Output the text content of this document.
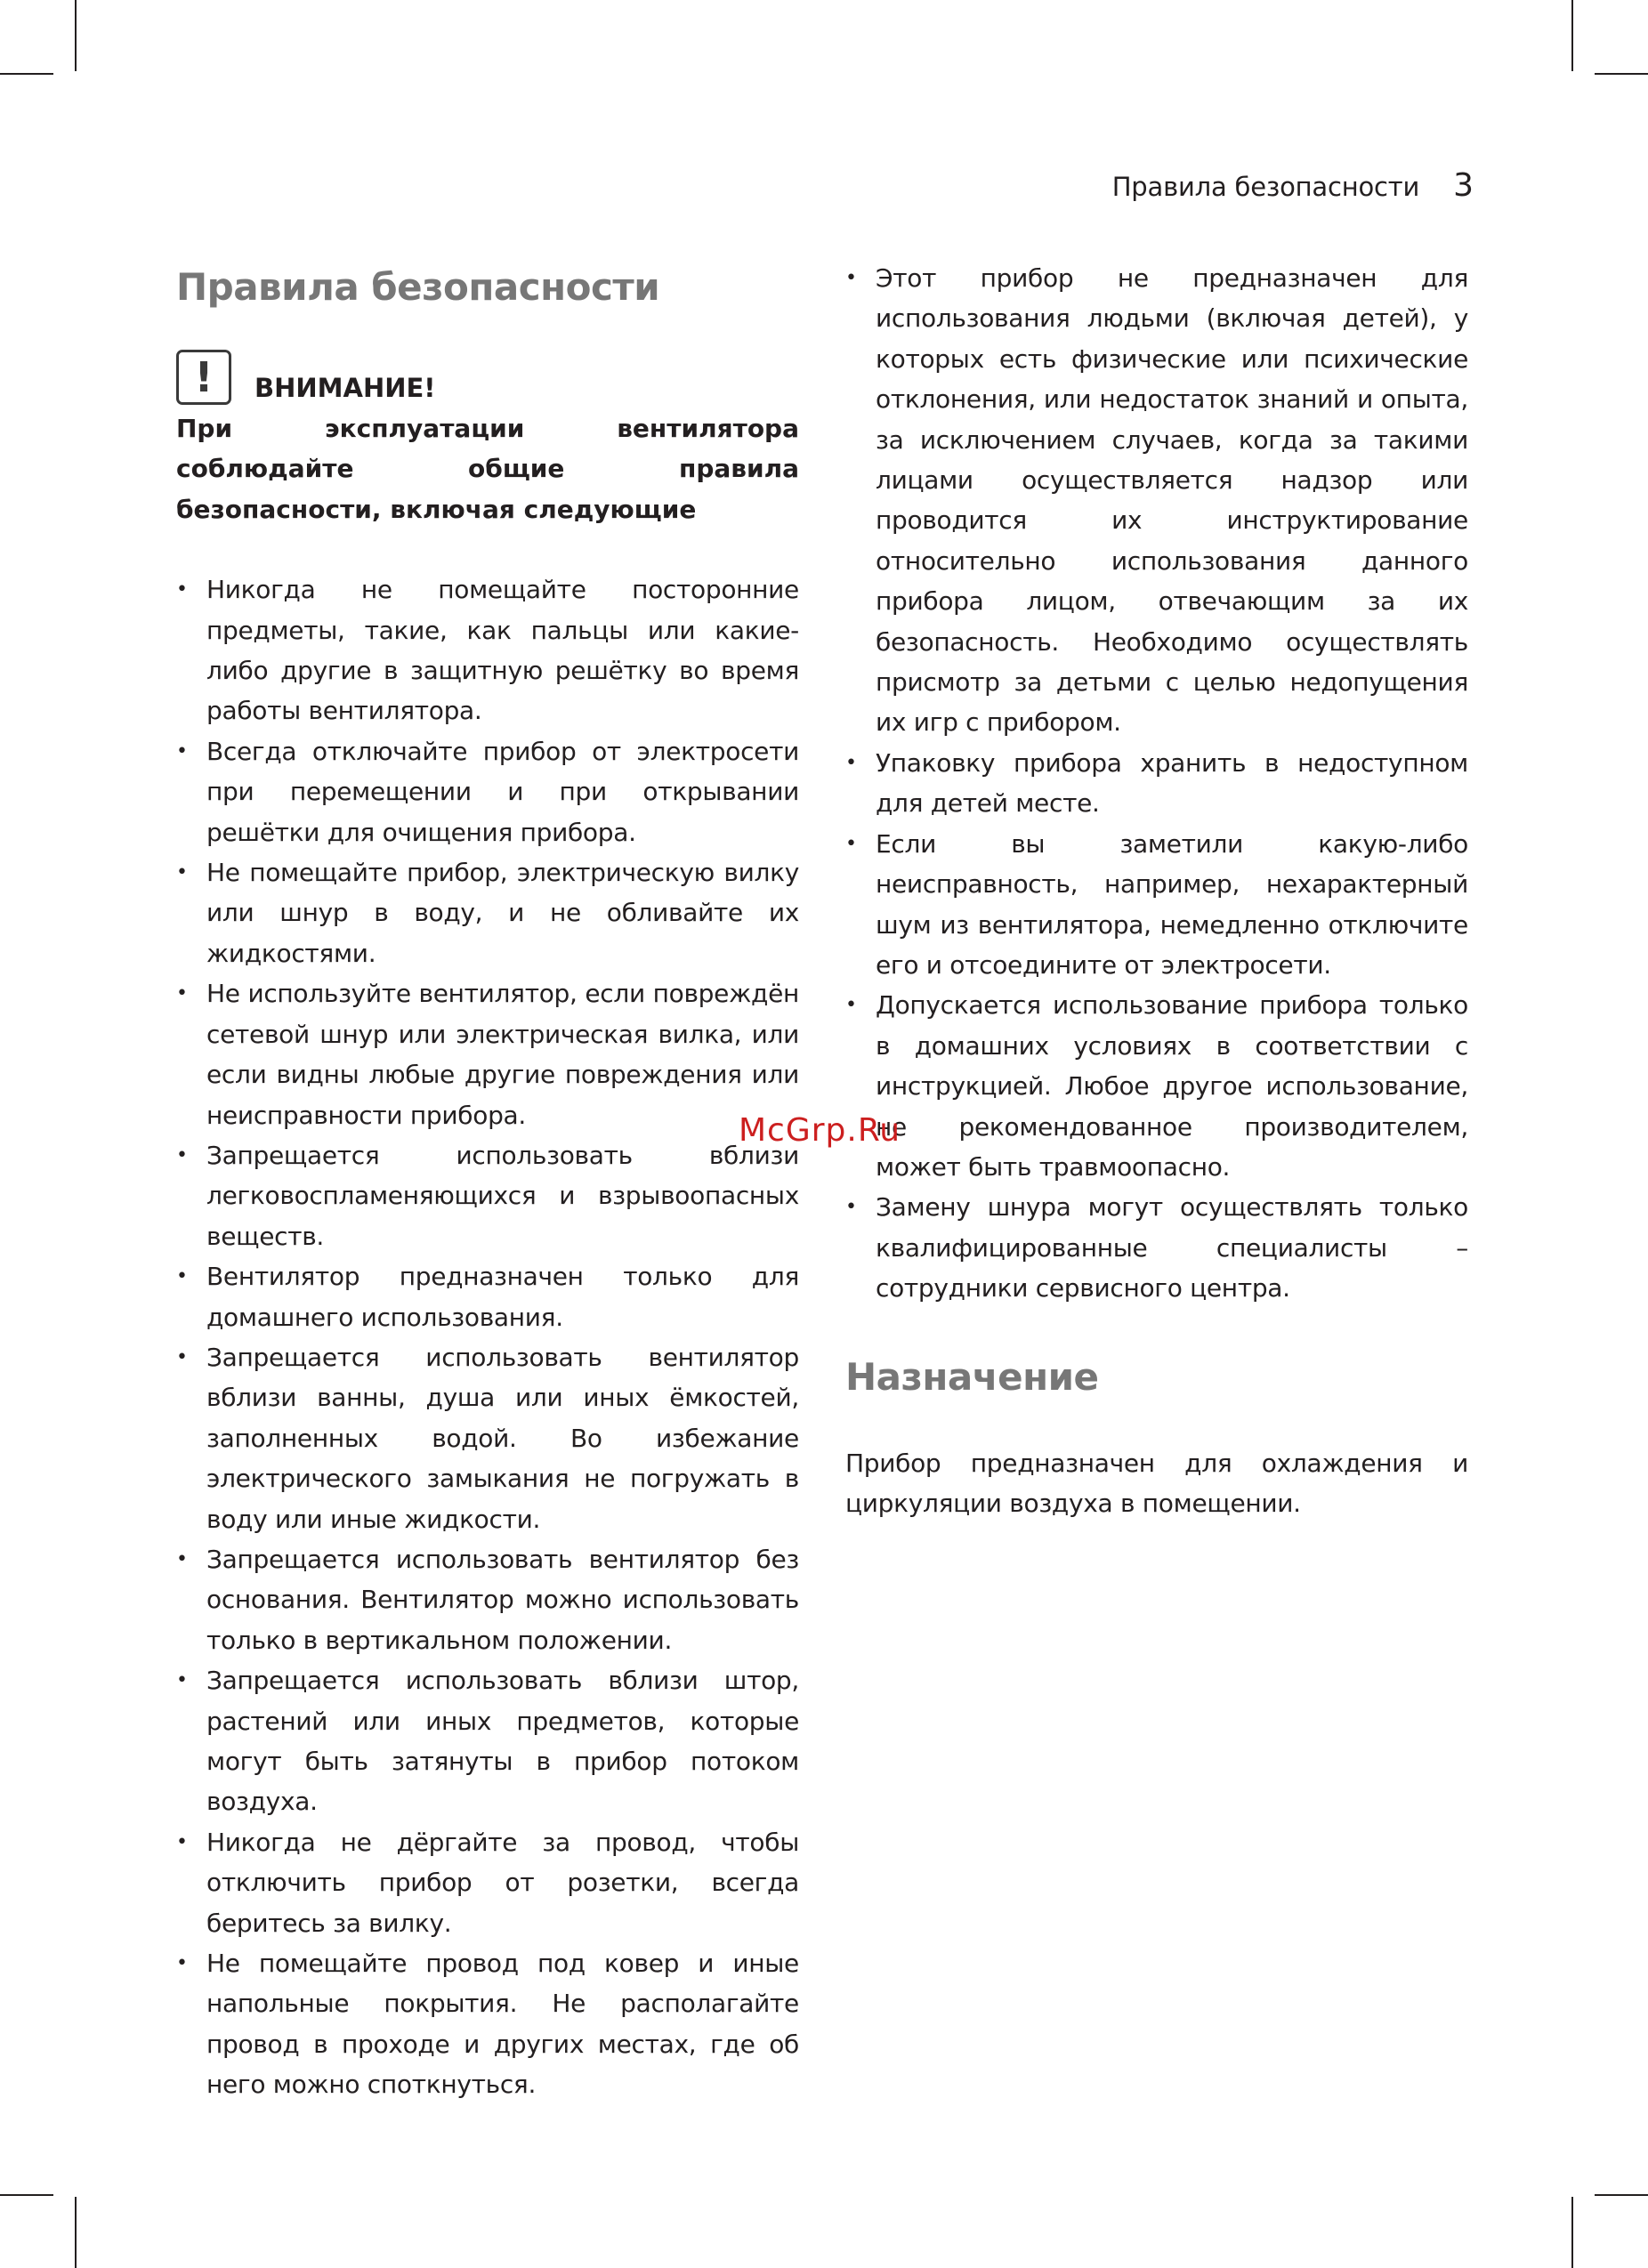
Правила безопасности 3
Правила безопасности
! ВНИМАНИЕ!

При эксплуатации вентилятора соблюдайте общие правила безопасности, включая следующие

• Никогда не помещайте посторонние предметы, такие, как пальцы или какие-либо другие в защитную решётку во время работы вентилятора.
• Всегда отключайте прибор от электросети при перемещении и при открывании решётки для очищения прибора.
• Не помещайте прибор, электрическую вилку или шнур в воду, и не обливайте их жидкостями.
• Не используйте вентилятор, если повреждён сетевой шнур или электрическая вилка, или если видны любые другие повреждения или неисправности прибора.
• Запрещается использовать вблизи легковоспламеняющихся и взрывоопасных веществ.
• Вентилятор предназначен только для домашнего использования.
• Запрещается использовать вентилятор вблизи ванны, душа или иных ёмкостей, заполненных водой. Во избежание электрического замыкания не погружать в воду или иные жидкости.
• Запрещается использовать вентилятор без основания. Вентилятор можно использовать только в вертикальном положении.
• Запрещается использовать вблизи штор, растений или иных предметов, которые могут быть затянуты в прибор потоком воздуха.
• Никогда не дёргайте за провод, чтобы отключить прибор от розетки, всегда беритесь за вилку.
• Не помещайте провод под ковер и иные напольные покрытия. Не располагайте провод в проходе и других местах, где об него можно споткнуться.
• Этот прибор не предназначен для использования людьми (включая детей), у которых есть физические или психические отклонения, или недостаток знаний и опыта, за исключением случаев, когда за такими лицами осуществляется надзор или проводится их инструктирование относительно использования данного прибора лицом, отвечающим за их безопасность. Необходимо осуществлять присмотр за детьми с целью недопущения их игр с прибором.
• Упаковку прибора хранить в недоступном для детей месте.
• Если вы заметили какую-либо неисправность, например, нехарактерный шум из вентилятора, немедленно отключите его и отсоедините от электросети.
• Допускается использование прибора только в домашних условиях в соответствии с инструкцией. Любое другое использование, не рекомендованное производителем, может быть травмоопасно.
• Замену шнура могут осуществлять только квалифицированные специалисты – сотрудники сервисного центра.
Назначение

Прибор предназначен для охлаждения и циркуляции воздуха в помещении.

McGrp.Ru
